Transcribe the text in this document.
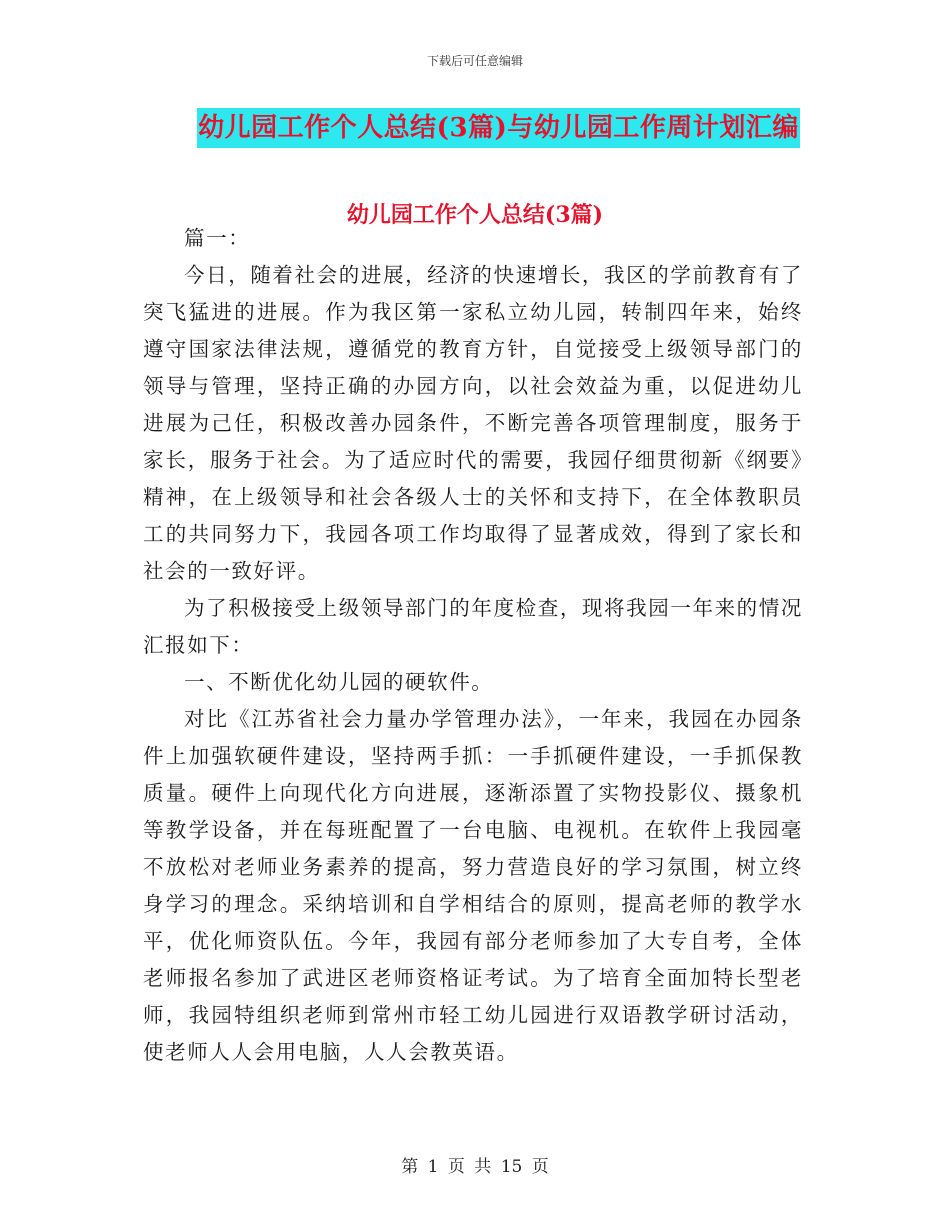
下载后可任意编辑
幼儿园工作个人总结(3篇)与幼儿园工作周计划汇编
幼儿园工作个人总结(3篇)

篇一：

今日，随着社会的进展，经济的快速增长，我区的学前教育有了突飞猛进的进展。作为我区第一家私立幼儿园，转制四年来，始终遵守国家法律法规，遵循党的教育方针，自觉接受上级领导部门的领导与管理，坚持正确的办园方向，以社会效益为重，以促进幼儿进展为己任，积极改善办园条件，不断完善各项管理制度，服务于家长，服务于社会。为了适应时代的需要，我园仔细贯彻新《纲要》精神，在上级领导和社会各级人士的关怀和支持下，在全体教职员工的共同努力下，我园各项工作均取得了显著成效，得到了家长和社会的一致好评。

为了积极接受上级领导部门的年度检查，现将我园一年来的情况汇报如下：

一、不断优化幼儿园的硬软件。

对比《江苏省社会力量办学管理办法》，一年来，我园在办园条件上加强软硬件建设，坚持两手抓：一手抓硬件建设，一手抓保教质量。硬件上向现代化方向进展，逐渐添置了实物投影仪、摄象机等教学设备，并在每班配置了一台电脑、电视机。在软件上我园毫不放松对老师业务素养的提高，努力营造良好的学习氛围，树立终身学习的理念。采纳培训和自学相结合的原则，提高老师的教学水平，优化师资队伍。今年，我园有部分老师参加了大专自考，全体老师报名参加了武进区老师资格证考试。为了培育全面加特长型老师，我园特组织老师到常州市轻工幼儿园进行双语教学研讨活动，使老师人人会用电脑，人人会教英语。

第 1 页 共 15 页
